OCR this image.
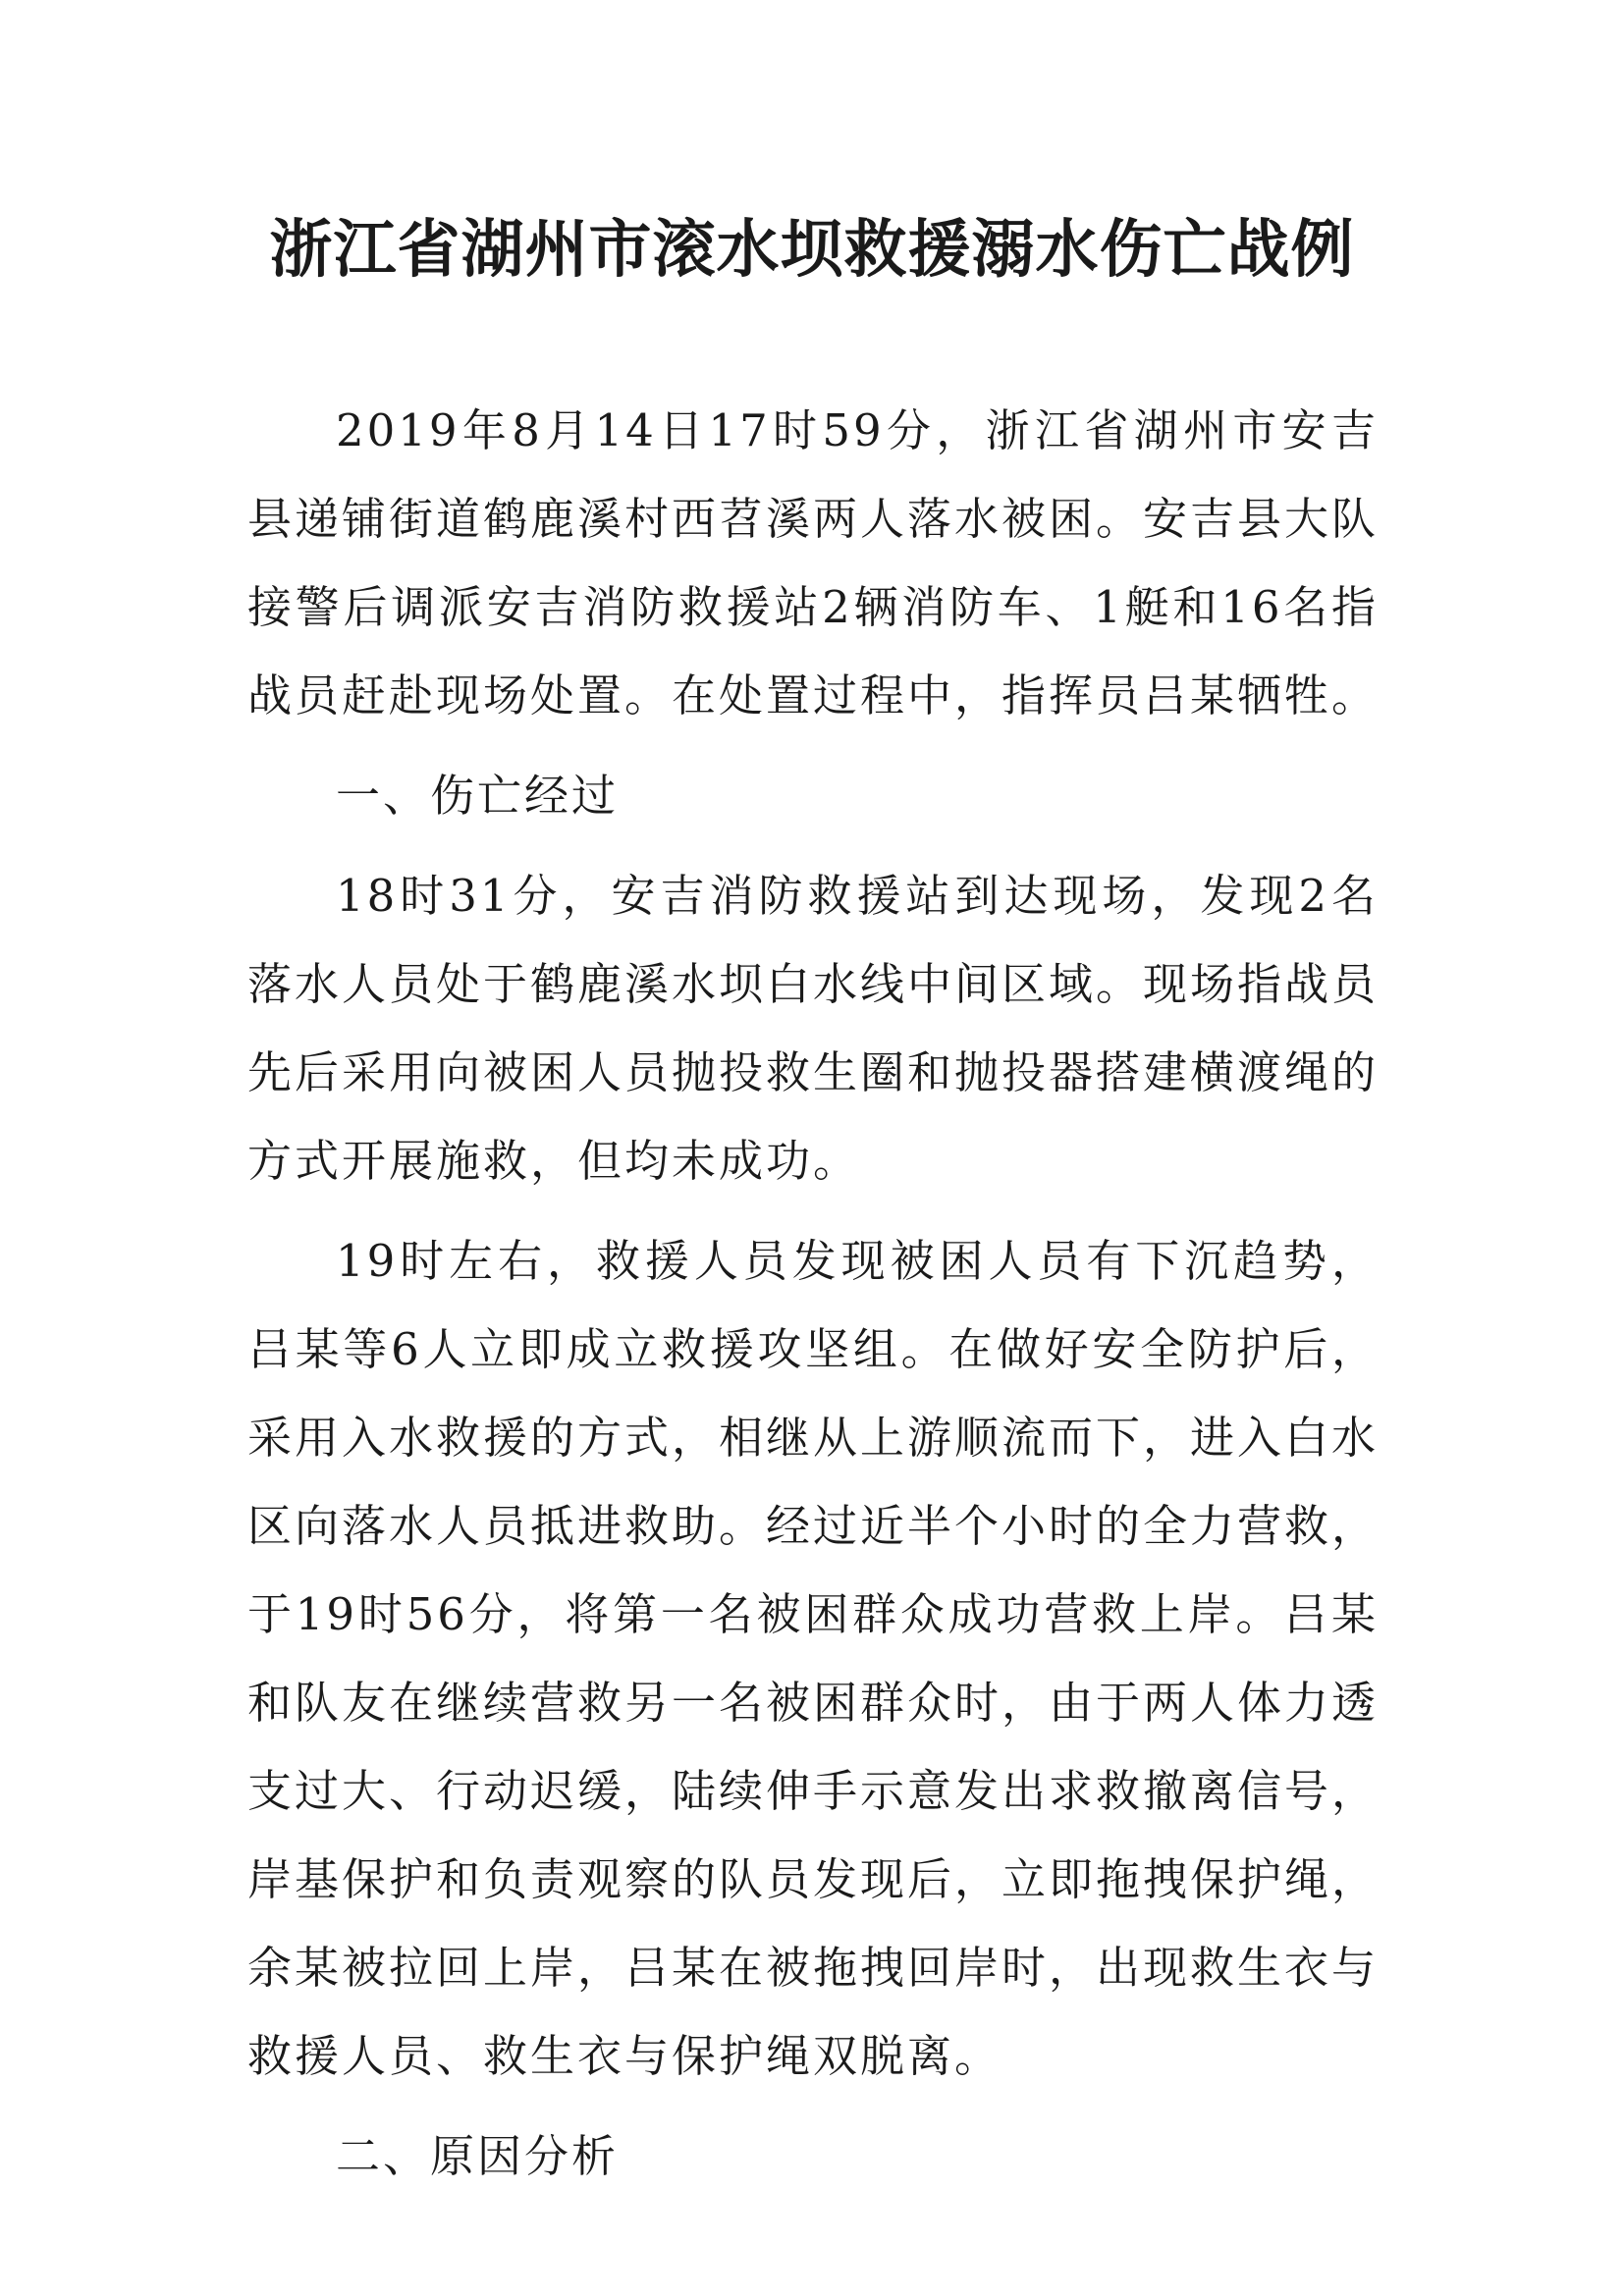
浙江省湖州市滚水坝救援溺水伤亡战例

2019年8月14日17时59分，浙江省湖州市安吉县递铺街道鹤鹿溪村西苕溪两人落水被困。安吉县大队接警后调派安吉消防救援站2辆消防车、1艇和16名指战员赶赴现场处置。在处置过程中，指挥员吕某牺牲。

一、伤亡经过

18时31分，安吉消防救援站到达现场，发现2名落水人员处于鹤鹿溪水坝白水线中间区域。现场指战员先后采用向被困人员抛投救生圈和抛投器搭建横渡绳的方式开展施救，但均未成功。

19时左右，救援人员发现被困人员有下沉趋势，吕某等6人立即成立救援攻坚组。在做好安全防护后，采用入水救援的方式，相继从上游顺流而下，进入白水区向落水人员抵进救助。经过近半个小时的全力营救，于19时56分，将第一名被困群众成功营救上岸。吕某和队友在继续营救另一名被困群众时，由于两人体力透支过大、行动迟缓，陆续伸手示意发出求救撤离信号，岸基保护和负责观察的队员发现后，立即拖拽保护绳，余某被拉回上岸，吕某在被拖拽回岸时，出现救生衣与救援人员、救生衣与保护绳双脱离。

二、原因分析
